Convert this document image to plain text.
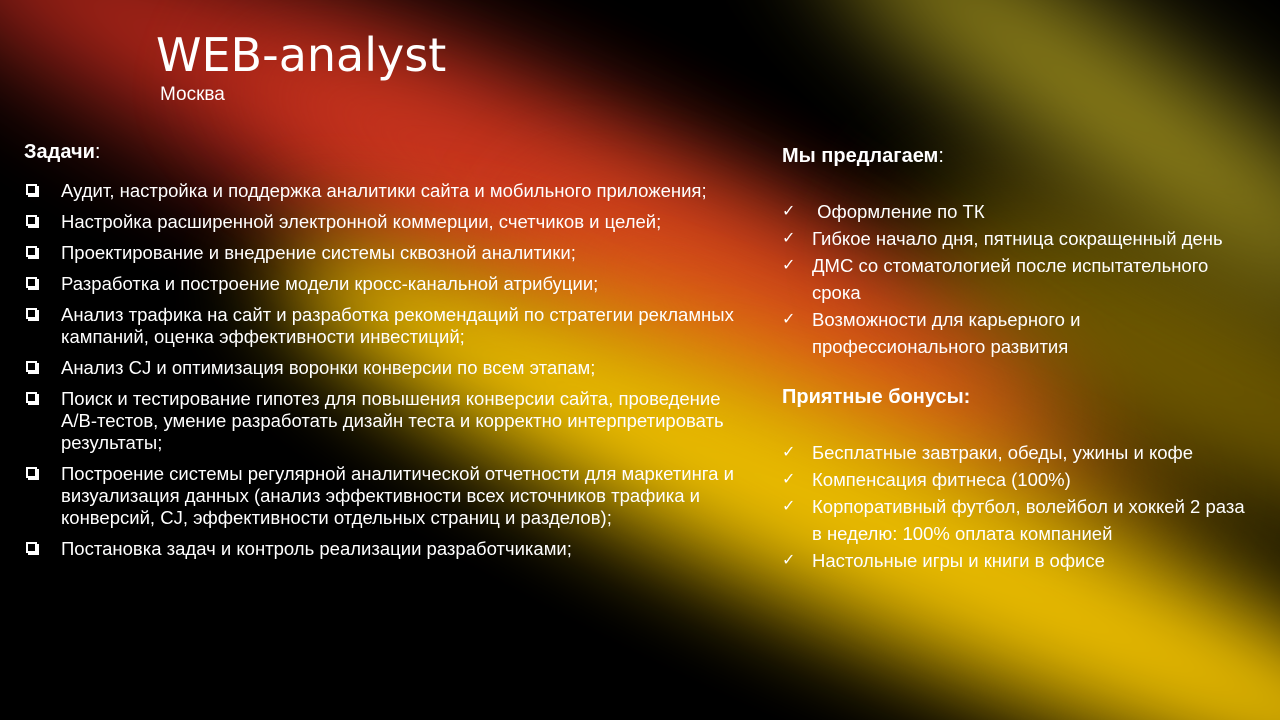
WEB-analyst
Москва
Задачи:
Аудит, настройка и поддержка аналитики сайта и мобильного приложения;
Настройка расширенной электронной коммерции, счетчиков и целей;
Проектирование и внедрение системы сквозной аналитики;
Разработка и построение модели кросс-канальной атрибуции;
Анализ трафика на сайт и разработка рекомендаций по стратегии рекламных кампаний, оценка эффективности инвестиций;
Анализ CJ и оптимизация воронки конверсии по всем этапам;
Поиск и тестирование гипотез для повышения конверсии сайта, проведение A/B-тестов, умение разработать дизайн теста и корректно интерпретировать результаты;
Построение системы регулярной аналитической отчетности для маркетинга и визуализация данных (анализ эффективности всех источников трафика и конверсий, CJ, эффективности отдельных страниц и разделов);
Постановка задач и контроль реализации разработчиками;
Мы предлагаем:
✓ Оформление по ТК
✓ Гибкое начало дня, пятница сокращенный день
✓ ДМС со стоматологией после испытательного срока
✓ Возможности для карьерного и профессионального развития
Приятные бонусы:
✓ Бесплатные завтраки, обеды, ужины и кофе
✓ Компенсация фитнеса (100%)
✓ Корпоративный футбол, волейбол и хоккей 2 раза в неделю: 100% оплата компанией
✓ Настольные игры и книги в офисе
